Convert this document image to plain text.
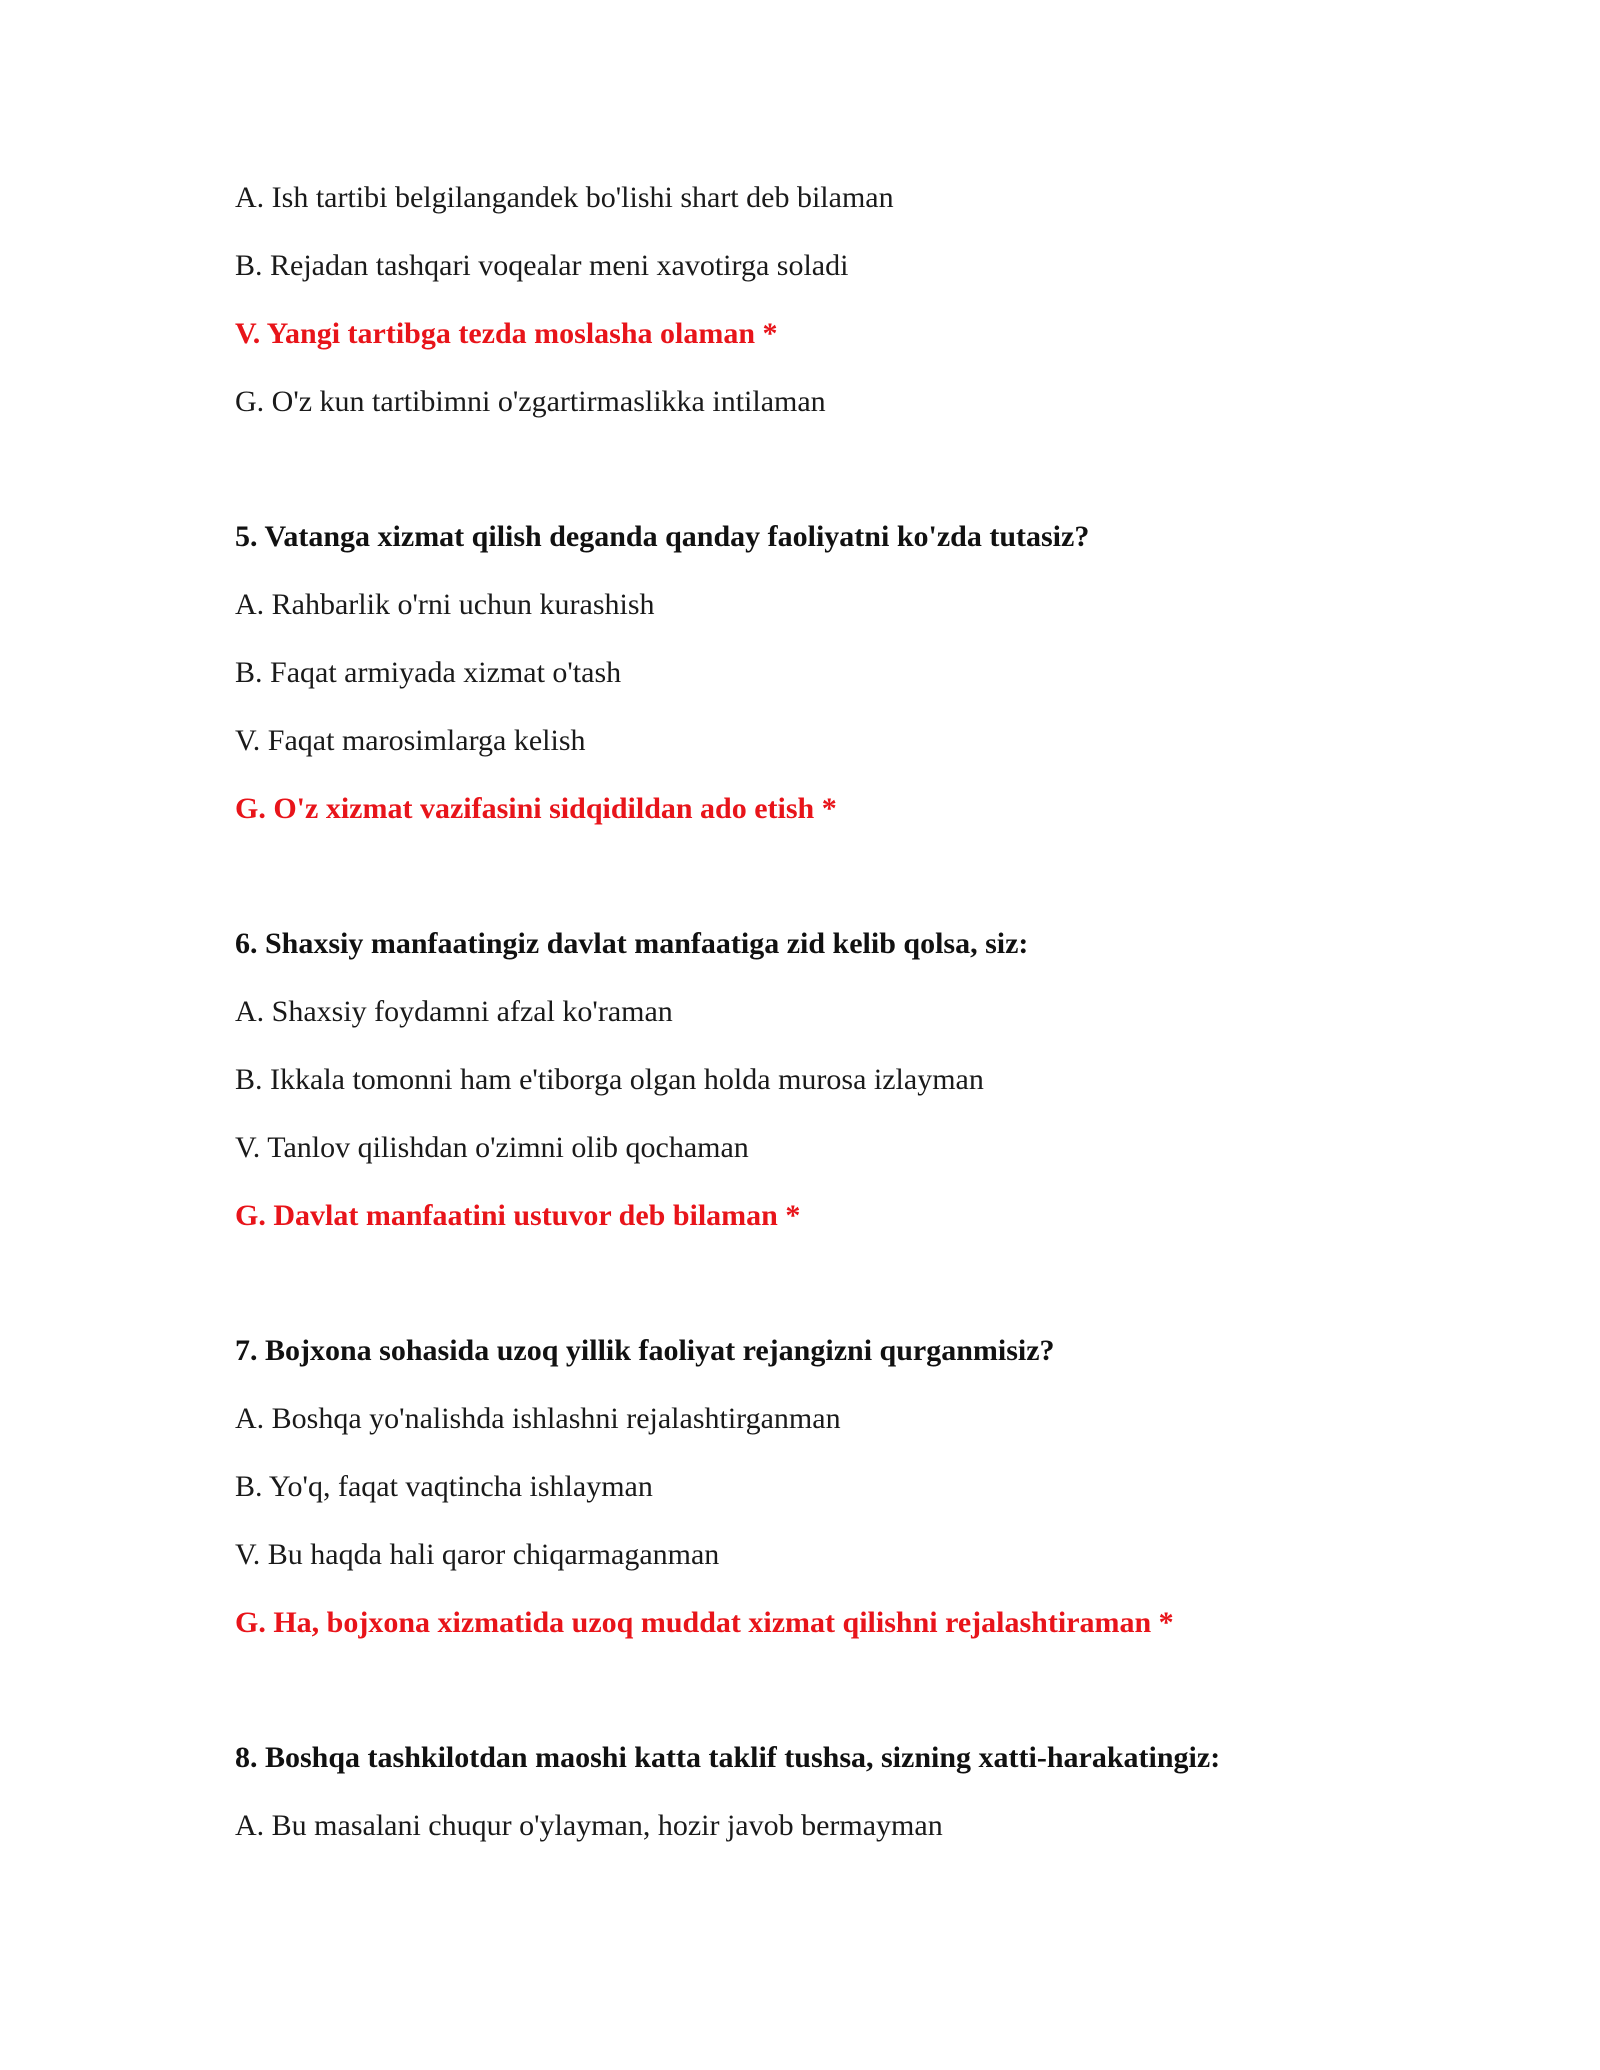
A. Ish tartibi belgilangandek bo'lishi shart deb bilaman
B. Rejadan tashqari voqealar meni xavotirga soladi
V. Yangi tartibga tezda moslasha olaman *
G. O'z kun tartibimni o'zgartirmaslikka intilaman
5. Vatanga xizmat qilish deganda qanday faoliyatni ko'zda tutasiz?
A. Rahbarlik o'rni uchun kurashish
B. Faqat armiyada xizmat o'tash
V. Faqat marosimlarga kelish
G. O'z xizmat vazifasini sidqidildan ado etish *
6. Shaxsiy manfaatingiz davlat manfaatiga zid kelib qolsa, siz:
A. Shaxsiy foydamni afzal ko'raman
B. Ikkala tomonni ham e'tiborga olgan holda murosa izlayman
V. Tanlov qilishdan o'zimni olib qochaman
G. Davlat manfaatini ustuvor deb bilaman *
7. Bojxona sohasida uzoq yillik faoliyat rejangizni qurganmisiz?
A. Boshqa yo'nalishda ishlashni rejalashtirganman
B. Yo'q, faqat vaqtincha ishlayman
V. Bu haqda hali qaror chiqarmaganman
G. Ha, bojxona xizmatida uzoq muddat xizmat qilishni rejalashtiraman *
8. Boshqa tashkilotdan maoshi katta taklif tushsa, sizning xatti-harakatingiz:
A. Bu masalani chuqur o'ylayman, hozir javob bermayman
